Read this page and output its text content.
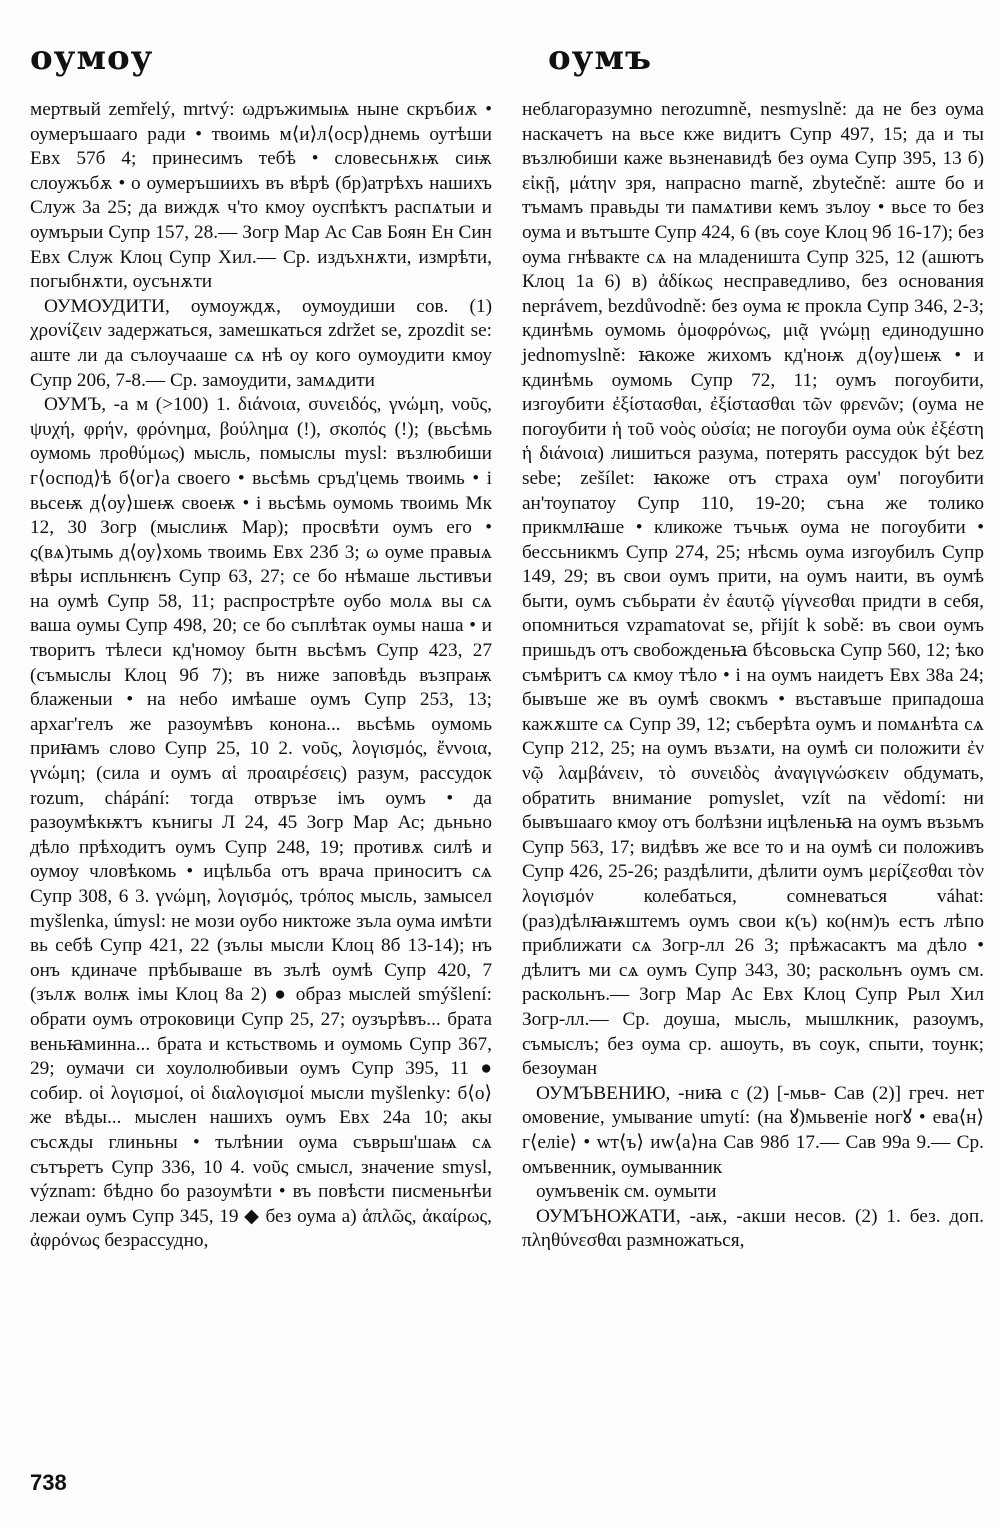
оумоу	оумъ

мертвый zemřelý, mrtvý: ωдръжимыѩ ныне скръбиѫ • оумеръшааго ради • твоимь м⟨и⟩л⟨оср⟩днемь оутѣши Евх 57б 4; принесимъ тебѣ • словесьнѫѭ сиѭ слоужъбѫ • о оумеръшиихъ въ вѣрѣ (бр)атрѣхъ нашихъ Служ 3а 25; да виждѫ ч'то кмоу оуспѣктъ распѧтыи и оумърыи Супр 157, 28.— Зогр Мар Ас Сав Боян Ен Син Евх Служ Клоц Супр Хил.— Ср. издъхнѫти, измрѣти, погыбнѫти, оусънѫти

ОУМОУДИТИ, оумоуждѫ, оумоудиши сов. (1) χρονίζειν задержаться, замешкаться zdržet se, zpozdit se: аште ли да сълоучааше сѧ нѣ оу кого оумоудити кмоу Супр 206, 7-8.— Ср. замоудити, замѧдити

ОУМЪ, -а м (>100) 1. διάνοια, συνειδός, γνώμη, νοῦς, ψυχή, φρήν, φρόνημα, βούλημα (!), σκοπός (!); (вьсѣмь оумомь προθύμως) мысль, помыслы mysl: възлюбиши г⟨оспод⟩ѣ б⟨ог⟩а своего • вьсѣмь сръд'цемь твоимь • і вьсеѭ д⟨оу⟩шеѭ своеѭ • і вьсѣмь оумомь твоимь Мк 12, 30 Зогр (мыслиѭ Мар); просвѣти оумъ его • ς(вѧ)тымь д⟨оу⟩хомь твоимь Евх 23б 3; ω оуме правыѧ вѣры испльнѥнъ Супр 63, 27; се бо нѣмаше льстивъи на оумѣ Супр 58, 11; распрострѣте оубо молѧ вы сѧ ваша оумы Супр 498, 20; се бо съплѣтак оумы наша • и творитъ тѣлеси кд'номоу бытн вьсѣмъ Супр 423, 27 (съмыслы Клоц 9б 7); въ ниже заповѣдь възпраѭ блаженыи • на небо имѣаше оумъ Супр 253, 13; архаг'гелъ же разоумѣвъ конона... вьсѣмь оумомь приꙗмъ слово Супр 25, 10 2. νοῦς, λογισμός, ἔννοια, γνώμη; (сила и оумъ αἱ προαιρέσεις) разум, рассудок rozum, chápání: тогда отвръзе імъ оумъ • да разоумѣкѭтъ кънигы Л 24, 45 Зогр Мар Ас; дьньно дѣло прѣходитъ оумъ Супр 248, 19; противѫ силѣ и оумоу чловѣкомь • ицѣльба отъ врача приноситъ сѧ Супр 308, 6 3. γνώμη, λογισμός, τρόπος мысль, замысел myšlenka, úmysl: не мози оубо никтоже зъла оума имѣти вь себѣ Супр 421, 22 (зълы мысли Клоц 8б 13-14); нъ онъ кдиначе прѣбываше въ зълѣ оумѣ Супр 420, 7 (зълѫ волѭ імы Клоц 8а 2) ● образ мыслей smýšlení: обрати оумъ отроковици Супр 25, 27; оузърѣвъ... брата веньꙗминна... брата и кстьствомь и оумомь Супр 367, 29; оумачи си хоулолюбивыи оумъ Супр 395, 11 ● собир. οἱ λογισμοί, οἱ διαλογισμοί мысли myšlenky: б⟨о⟩же вѣды... мыслен нашихъ оумъ Евх 24а 10; акы съсѫды глиньны • тьлѣнии оума съврьш'шаѩ сѧ сътъретъ Супр 336, 10 4. νοῦς смысл, значение smysl, význam: бѣдно бо разоумѣти • въ повѣсти писменьнѣи лежаи оумъ Супр 345, 19 ◆ без оума а) ἁπλῶς, ἀκαίρως, ἀφρόνως безрассудно,

неблагоразумно nerozumně, nesmyslně: да не без оума наскачетъ на вьсе кже видитъ Супр 497, 15; да и ты възлюбиши каже вьзненавидѣ без оума Супр 395, 13 б) εἰκῇ, μάτην зря, напрасно marně, zbytečně: аште бо и тъмамъ правьды ти памѧтиви кемъ зълоу • вьсе то без оума и вътъште Супр 424, 6 (въ соуе Клоц 9б 16-17); без оума гнѣвакте сѧ на младеништа Супр 325, 12 (ашютъ Клоц 1а 6) в) ἀδίκως несправедливо, без основания neprávem, bezdůvodně: без оума ѥ прокла Супр 346, 2-3; кдинѣмь оумомь ὁμοφρόνως, μιᾷ γνώμῃ единодушно jednomyslně: ꙗкоже жихомъ кд'ноѭ д⟨оу⟩шеѭ • и кдинѣмь оумомь Супр 72, 11; оумъ погоубити, изгоубити ἐξίστασθαι, ἐξίστασθαι τῶν φρενῶν; (оума не погоубити ἡ τοῦ νοὸς οὐσία; не погоуби оума οὐκ ἐξέστη ἡ διάνοια) лишиться разума, потерять рассудок být bez sebe; zešílet: ꙗкоже отъ страха оум' погоубити ан'тоупатоу Супр 110, 19-20; съна же толико прикмлꙗше • кликоже тъчьѭ оума не погоубити • бессьникмъ Супр 274, 25; нѣсмь оума изгоубилъ Супр 149, 29; въ свои оумъ прити, на оумъ наити, въ оумѣ быти, оумъ събьрати ἐν ἑαυτῷ γίγνεσθαι придти в себя, опомниться vzpamatovat se, přijít k sobě: въ свои оумъ пришьдъ отъ свобожденьꙗ бѣсовьска Супр 560, 12; ѣко съмѣритъ сѧ кмоу тѣло • і на оумъ наидетъ Евх 38а 24; бывъше же въ оумѣ свокмъ • въставъше припадоша кажѫште сѧ Супр 39, 12; съберѣта оумъ и помѧнѣта сѧ Супр 212, 25; на оумъ възѧти, на оумѣ си положити ἐν νῷ λαμβάνειν, τὸ συνειδὸς ἀναγιγνώσκειν обдумать, обратить внимание pomyslet, vzít na vědomí: ни бывъшааго кмоу отъ болѣзни ицѣленьꙗ на оумъ възьмъ Супр 563, 17; видѣвъ же все то и на оумѣ си положивъ Супр 426, 25-26; раздѣлити, дѣлити оумъ μερίζεσθαι τὸν λογισμόν колебаться, сомневаться váhat: (раз)дѣлꙗѭштемъ оумъ свои к(ъ) ко(нм)ъ естъ лѣпо приближати сѧ Зогр-лл 26 3; прѣжасактъ ма дѣло • дѣлитъ ми сѧ оумъ Супр 343, 30; раскольнъ оумъ см. раскольнъ.— Зогр Мар Ас Евх Клоц Супр Рыл Хил Зогр-лл.— Ср. доуша, мысль, мышлкник, разоумъ, съмыслъ; без оума ср. ашоуть, въ соук, спыти, тоунк; безоуман

ОУМЪВЕНИЮ, -ниꙗ с (2) [-мьв- Сав (2)] греч. нет омовение, умывание umytí: (на ꙋ)мьвеніе ногꙋ • ева⟨н⟩г⟨еліе⟩ • wт⟨ъ⟩ иw⟨а⟩на Сав 98б 17.— Сав 99а 9.— Ср. омъвенник, оумыванник

оумъвенік см. оумыти

ОУМЪНОЖАТИ, -аѭ, -акши несов. (2) 1. без. доп. πληθύνεσθαι размножаться,

738
